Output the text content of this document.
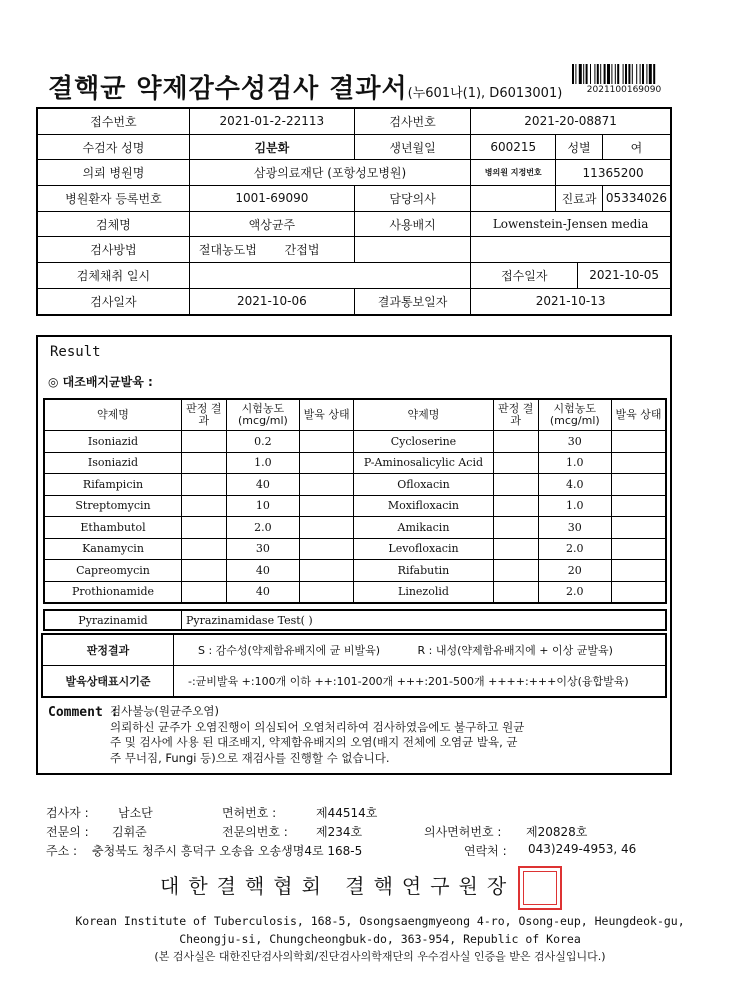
결핵균 약제감수성검사 결과서(누601나(1), D6013001)	2021100169090
접수번호	2021-01-2-22113	검사번호	2021-20-08871
수검자 성명	김분화	생년월일	600215	성별	여
의뢰 병원명	삼광의료재단 (포항성모병원)	병의원 지정번호	11365200
병원환자 등록번호	1001-69090	담당의사		진료과	05334026
검체명	액상균주	사용배지	Lowenstein-Jensen media
검사방법	절대농도법 간접법		
검체채취 일시			접수일자	2021-10-05

검사일자	2021-10-06	결과통보일자	2021-10-13
Result
◎ 대조배지균발육 :
약제명	판정 결과	시험농도 (mcg/ml)	발육 상태	약제명	판정 결과	시험농도 (mcg/ml)	발육 상태
Isoniazid		0.2		Cycloserine		30	
Isoniazid		1.0		P-Aminosalicylic Acid		1.0	
Rifampicin		40		Ofloxacin		4.0	
Streptomycin		10		Moxifloxacin		1.0	
Ethambutol		2.0		Amikacin		30	
Kanamycin		30		Levofloxacin		2.0	
Capreomycin		40		Rifabutin		20	
Prothionamide		40		Linezolid		2.0	
Pyrazinamid	Pyrazinamidase Test( )
판정결과	S : 감수성(약제함유배지에 균 비발육) R : 내성(약제함유배지에 + 이상 균발육)
발육상태표시기준	-:균비발육 +:100개 이하 ++:101-200개 +++:201-500개 ++++:+++이상(융합발육)
Comment :
검사불능(원균주오염)
의뢰하신 균주가 오염진행이 의심되어 오염처리하여 검사하였음에도 불구하고 원균
주 및 검사에 사용 된 대조배지, 약제함유배지의 오염(배지 전체에 오염균 발육, 균
주 무너짐, Fungi 등)으로 재검사를 진행할 수 없습니다.
검사자 : 남소단	면허번호 :	제44514호
전문의 : 김휘준	전문의번호 : 제234호	의사면허번호 : 제20828호
주소 : 충청북도 청주시 흥덕구 오송읍 오송생명4로 168-5	연락처 : 043)249-4953, 46
대한결핵협회 결핵연구원장
Korean Institute of Tuberculosis, 168-5, Osongsaengmyeong 4-ro, Osong-eup, Heungdeok-gu,
Cheongju-si, Chungcheongbuk-do, 363-954, Republic of Korea
(본 검사실은 대한진단검사의학회/진단검사의학재단의 우수검사실 인증을 받은 검사실입니다.)
